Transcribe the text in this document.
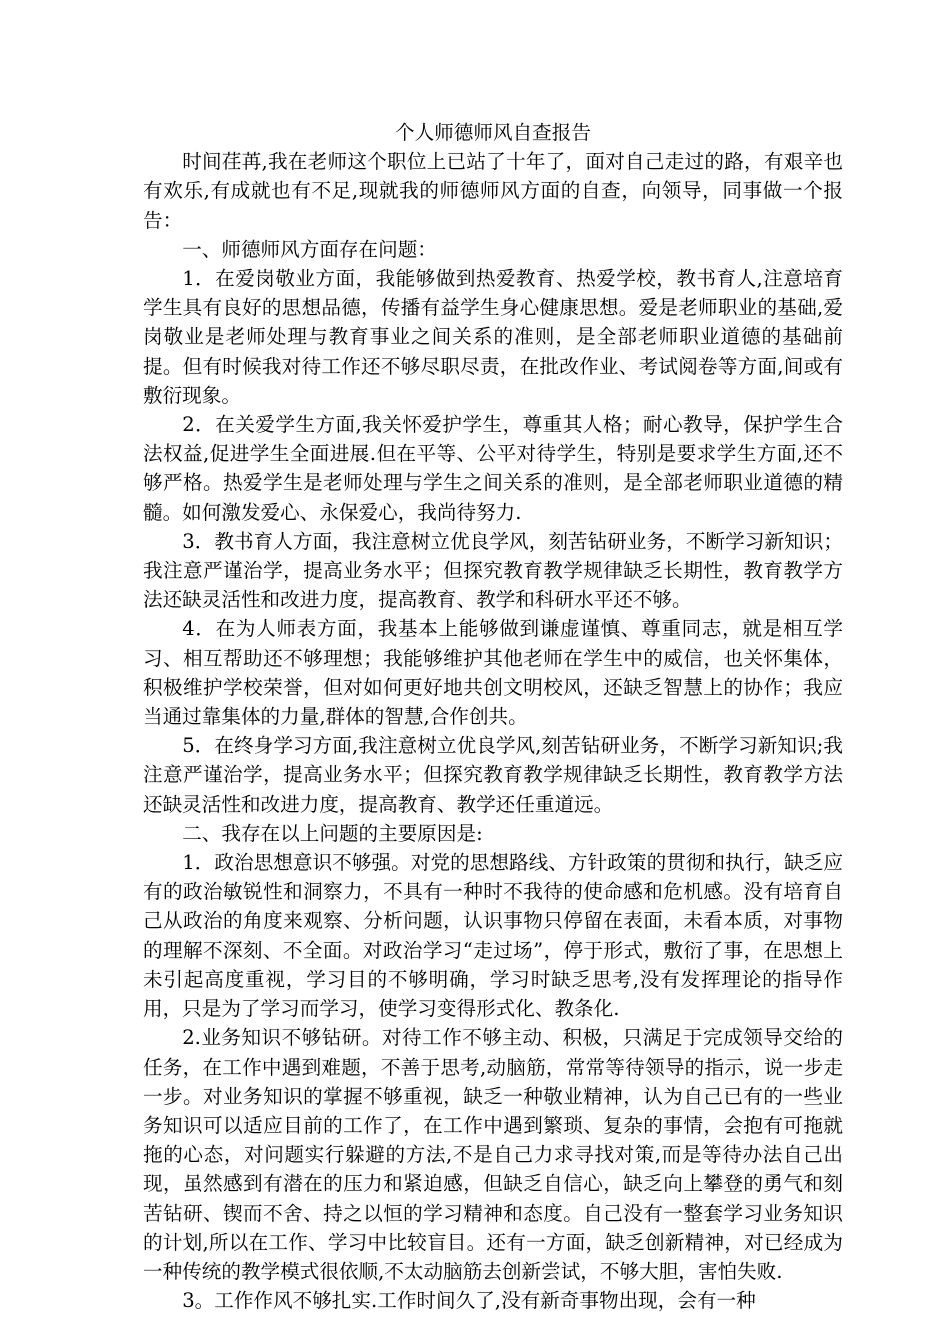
个人师德师风自查报告

时间荏苒,我在老师这个职位上已站了十年了，面对自己走过的路，有艰辛也有欢乐,有成就也有不足,现就我的师德师风方面的自查，向领导，同事做一个报告：

一、师德师风方面存在问题：

1．在爱岗敬业方面，我能够做到热爱教育、热爱学校，教书育人,注意培育学生具有良好的思想品德，传播有益学生身心健康思想。爱是老师职业的基础,爱岗敬业是老师处理与教育事业之间关系的准则，是全部老师职业道德的基础前提。但有时候我对待工作还不够尽职尽责，在批改作业、考试阅卷等方面,间或有敷衍现象。

2．在关爱学生方面,我关怀爱护学生，尊重其人格；耐心教导，保护学生合法权益,促进学生全面进展.但在平等、公平对待学生，特别是要求学生方面,还不够严格。热爱学生是老师处理与学生之间关系的准则，是全部老师职业道德的精髓。如何激发爱心、永保爱心，我尚待努力.

3．教书育人方面，我注意树立优良学风，刻苦钻研业务，不断学习新知识；我注意严谨治学，提高业务水平；但探究教育教学规律缺乏长期性，教育教学方法还缺灵活性和改进力度，提高教育、教学和科研水平还不够。

4．在为人师表方面，我基本上能够做到谦虚谨慎、尊重同志，就是相互学习、相互帮助还不够理想；我能够维护其他老师在学生中的威信，也关怀集体，积极维护学校荣誉，但对如何更好地共创文明校风，还缺乏智慧上的协作；我应当通过靠集体的力量,群体的智慧,合作创共。

5．在终身学习方面,我注意树立优良学风,刻苦钻研业务，不断学习新知识;我注意严谨治学，提高业务水平；但探究教育教学规律缺乏长期性，教育教学方法还缺灵活性和改进力度，提高教育、教学还任重道远。

二、我存在以上问题的主要原因是:

1．政治思想意识不够强。对党的思想路线、方针政策的贯彻和执行，缺乏应有的政治敏锐性和洞察力，不具有一种时不我待的使命感和危机感。没有培育自己从政治的角度来观察、分析问题，认识事物只停留在表面，未看本质，对事物的理解不深刻、不全面。对政治学习“走过场”，停于形式，敷衍了事，在思想上未引起高度重视，学习目的不够明确，学习时缺乏思考,没有发挥理论的指导作用，只是为了学习而学习，使学习变得形式化、教条化.

2.业务知识不够钻研。对待工作不够主动、积极，只满足于完成领导交给的任务，在工作中遇到难题，不善于思考,动脑筋，常常等待领导的指示，说一步走一步。对业务知识的掌握不够重视，缺乏一种敬业精神，认为自己已有的一些业务知识可以适应目前的工作了，在工作中遇到繁琐、复杂的事情，会抱有可拖就拖的心态，对问题实行躲避的方法,不是自己力求寻找对策,而是等待办法自己出现，虽然感到有潜在的压力和紧迫感，但缺乏自信心，缺乏向上攀登的勇气和刻苦钻研、锲而不舍、持之以恒的学习精神和态度。自己没有一整套学习业务知识的计划,所以在工作、学习中比较盲目。还有一方面，缺乏创新精神，对已经成为一种传统的教学模式很依顺,不太动脑筋去创新尝试，不够大胆，害怕失败.

3。工作作风不够扎实.工作时间久了,没有新奇事物出现，会有一种
